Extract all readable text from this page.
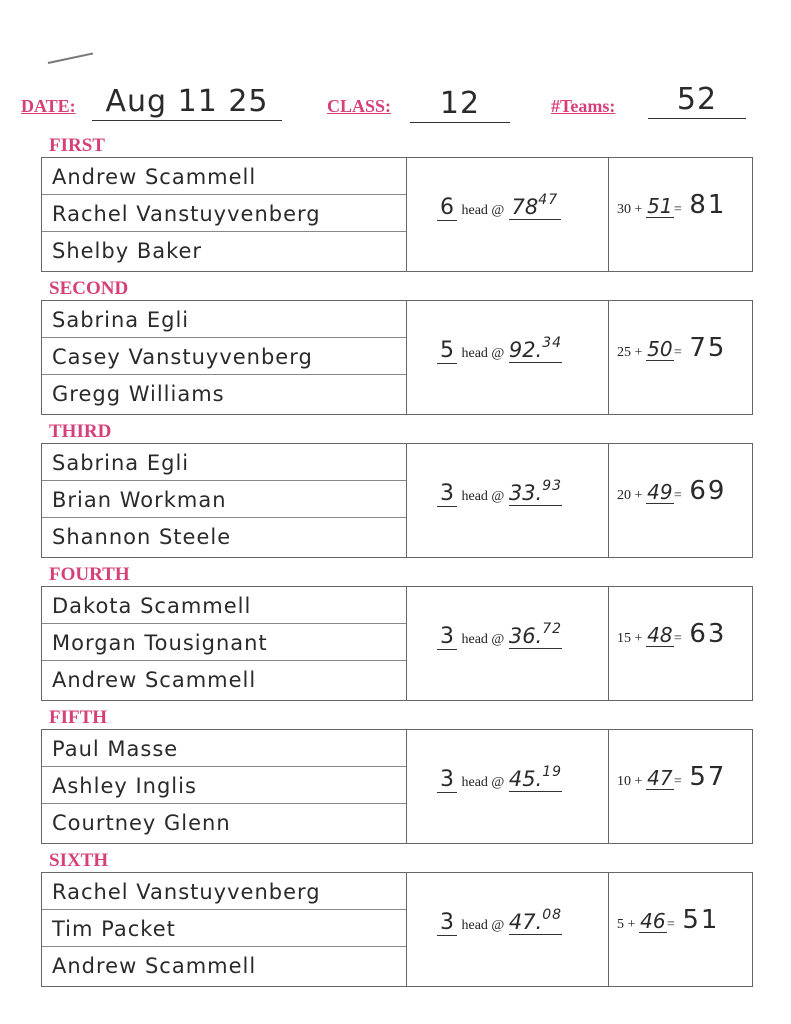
DATE: Aug 11 25	CLASS:	12	#Teams:	52
FIRST
Andrew Scammell
Rachel Vanstuyvenberg
Shelby Baker
6 head @ $78^{47}$
30 + 51= 81
SECOND
Sabrina Egli
Casey Vanstuyvenberg
Gregg Williams
5 head @ 92.34
25 + 50= 75
THIRD
Sabrina Egli
Brian Workman
Shannon Steele
3 head @ 33.93
20 + 49= 69
FOURTH
Dakota Scammell
Morgan Tousignant
Andrew Scammell
3 head @ 36.72
15 + 48= 63
FIFTH
Paul Masse
Ashley Inglis
Courtney Glenn
3 head @ 45.19
10 + 47= 57
SIXTH
Rachel Vanstuyvenberg
Tim Packet
Andrew Scammell
3 head @ 47.08
5 + 46= 51
